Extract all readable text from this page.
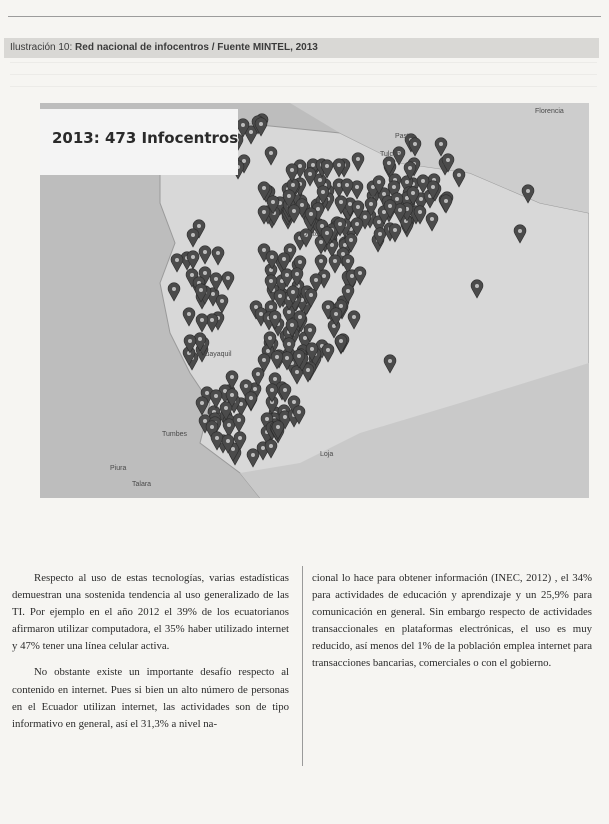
Ilustración 10: Red nacional de infocentros / Fuente MINTEL, 2013
2013: 473 Infocentros	Pasto
Tulcán
Florencia
Quito
Guayaquil
Tumbes
Piura
Talara
Loja

Respecto al uso de estas tecnologías, varias estadísticas demuestran una sostenida tendencia al uso generalizado de las TI. Por ejemplo en el año 2012 el 39% de los ecuatorianos afirmaron utilizar computadora, el 35% haber utilizado internet y 47% tener una línea celular activa.

No obstante existe un importante desafío respecto al contenido en internet. Pues si bien un alto número de personas en el Ecuador utilizan internet, las actividades son de tipo informativo en general, así el 31,3% a nivel na-

cional lo hace para obtener información (INEC, 2012) , el 34% para actividades de educación y aprendizaje y un 25,9% para comunicación en general. Sin embargo respecto de actividades transaccionales en plataformas electrónicas, el uso es muy reducido, así menos del 1% de la población emplea internet para transacciones bancarias, comerciales o con el gobierno.
